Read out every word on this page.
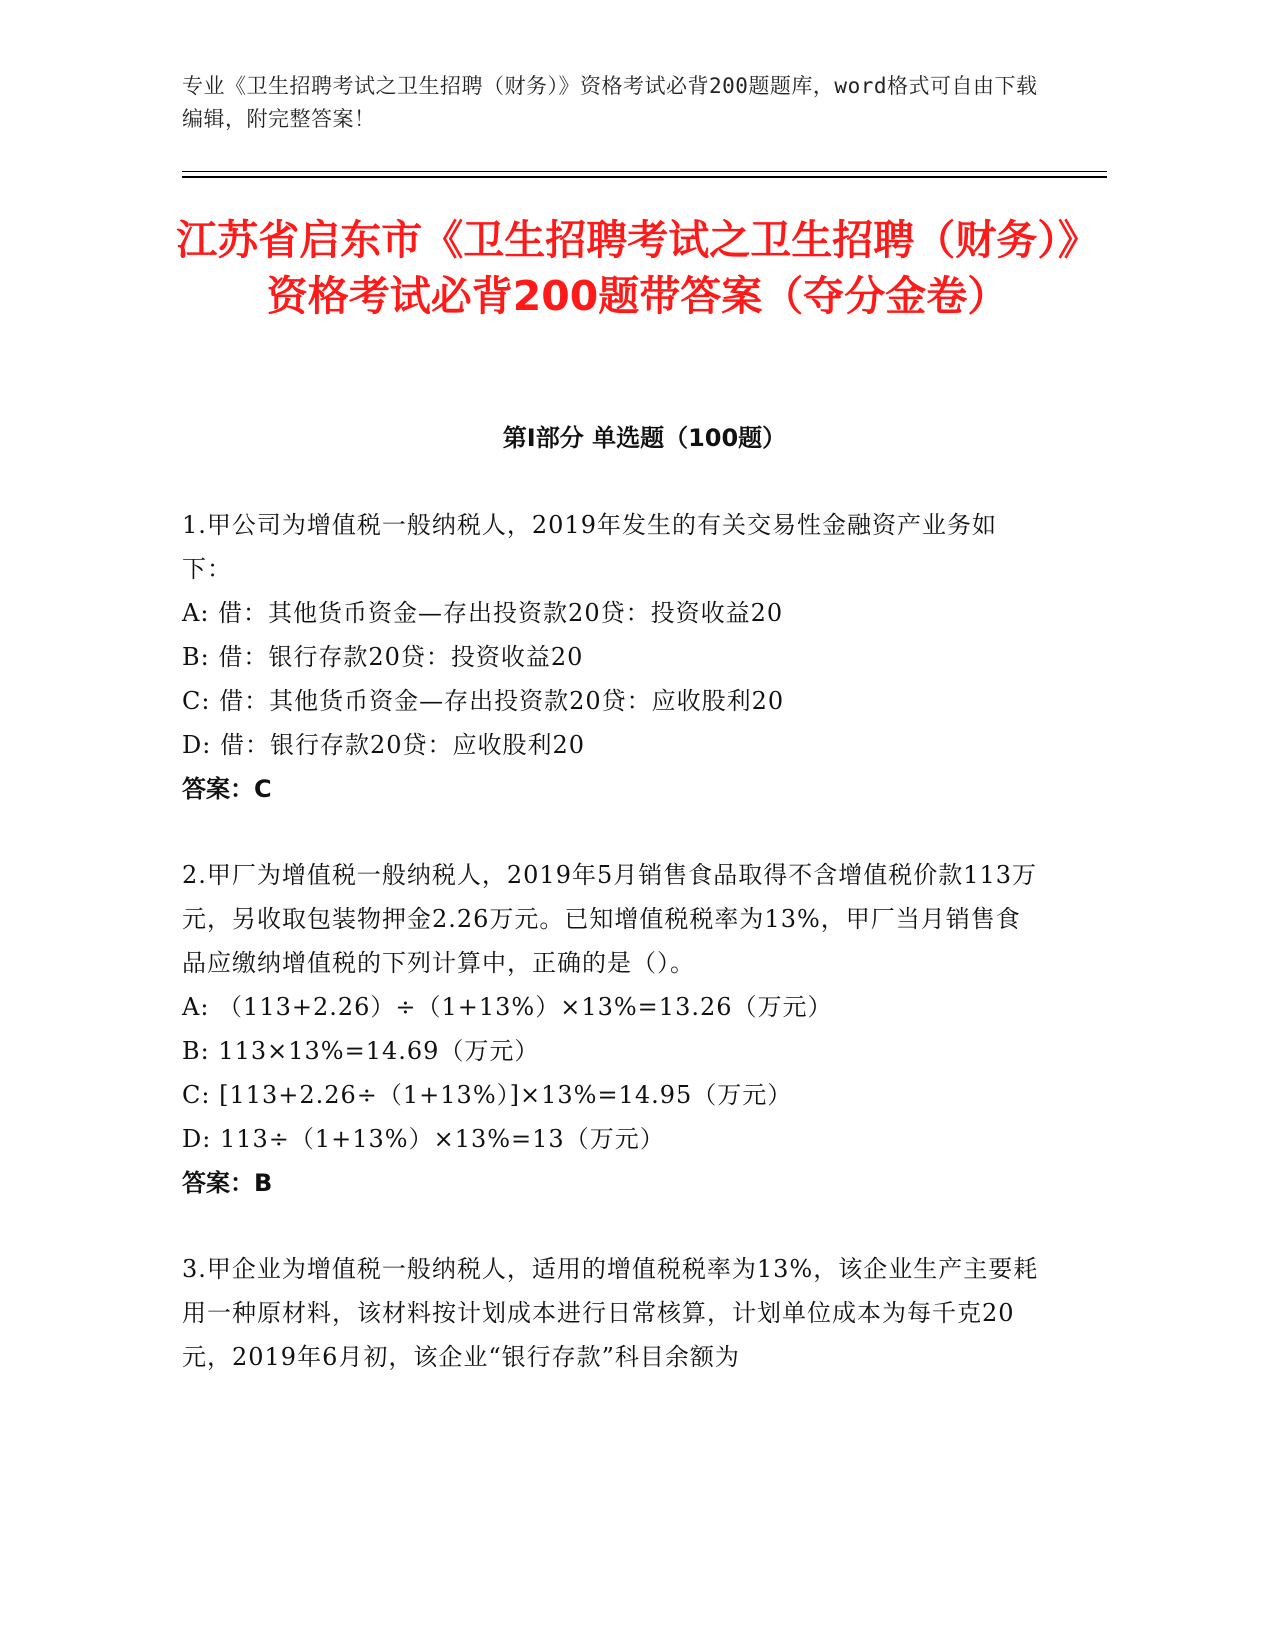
专业《卫生招聘考试之卫生招聘（财务）》资格考试必背200题题库，word格式可自由下载编辑，附完整答案！
江苏省启东市《卫生招聘考试之卫生招聘（财务）》资格考试必背200题带答案（夺分金卷）
第I部分 单选题（100题）

1.甲公司为增值税一般纳税人，2019年发生的有关交易性金融资产业务如下：

A: 借：其他货币资金—存出投资款20贷：投资收益20

B: 借：银行存款20贷：投资收益20

C: 借：其他货币资金—存出投资款20贷：应收股利20

D: 借：银行存款20贷：应收股利20

答案：C

2.甲厂为增值税一般纳税人，2019年5月销售食品取得不含增值税价款113万元，另收取包装物押金2.26万元。已知增值税税率为13%，甲厂当月销售食品应缴纳增值税的下列计算中，正确的是（）。

A: （113+2.26）÷（1+13%）×13%=13.26（万元）

B: 113×13%=14.69（万元）

C: [113+2.26÷（1+13%）]×13%=14.95（万元）

D: 113÷（1+13%）×13%=13（万元）

答案：B

3.甲企业为增值税一般纳税人，适用的增值税税率为13%，该企业生产主要耗用一种原材料，该材料按计划成本进行日常核算，计划单位成本为每千克20元，2019年6月初，该企业“银行存款”科目余额为
